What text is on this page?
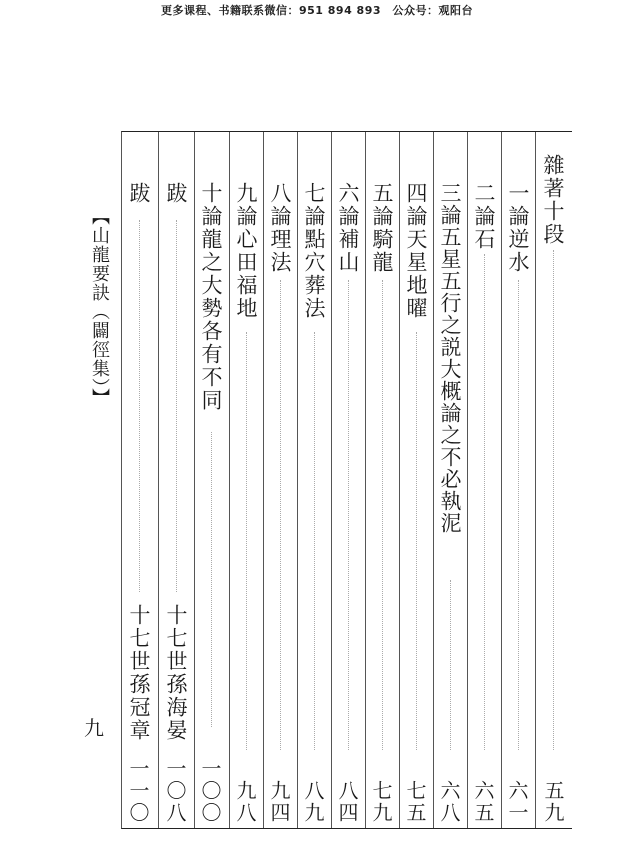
更多课程、书籍联系微信：951 894 893　公众号：观阳台
【山龍要訣（闢徑集）】
九
雜著十段
五九
一論逆水
六一
二論石
六五
三論五星五行之説大概論之不必執泥
六八
四論天星地曜
七五
五論騎龍
七九
六論補山
八四
七論點穴葬法
八九
八論理法
九四
九論心田福地
九八
十論龍之大勢各有不同
一〇〇
跋
十七世孫海晏
一〇八
跋
十七世孫冠章
一一〇
